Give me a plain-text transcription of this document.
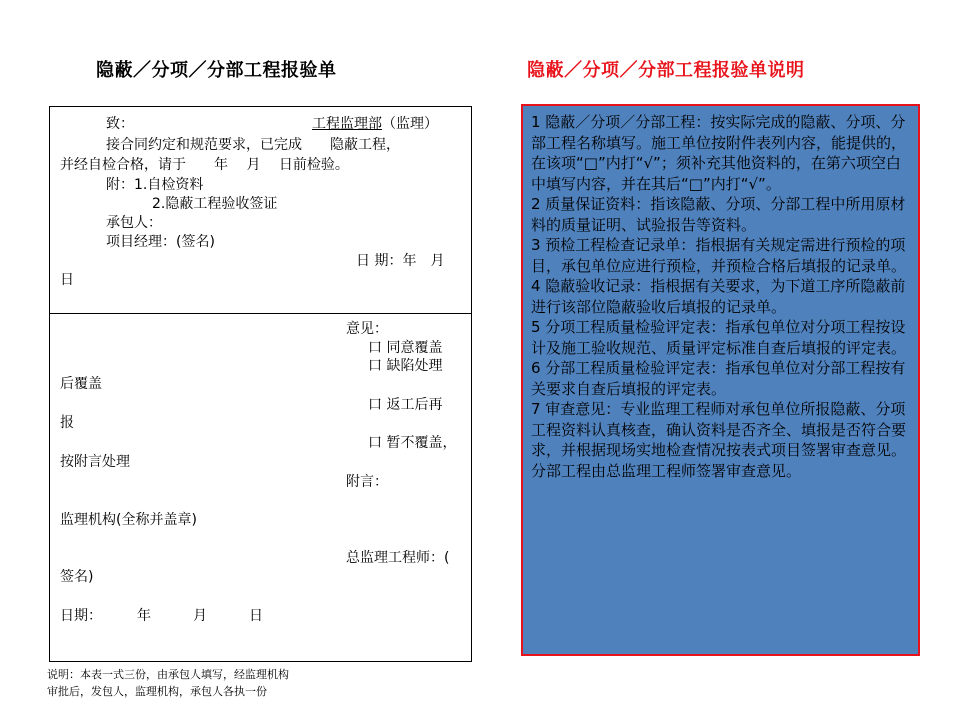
隐蔽／分项／分部工程报验单	隐蔽／分项／分部工程报验单说明
致：	工程监理部（监理）
接合同约定和规范要求，已完成　　隐蔽工程，
并经自检合格，请于　　年　 月　 日前检验。
附：1.自检资料
2.隐蔽工程验收签证
承包人：
项目经理：(签名)
日 期：年　月
日
意见：
口 同意覆盖
口 缺陷处理
后覆盖
口 返工后再
报
口 暂不覆盖，
按附言处理
附言：
监理机构(全称并盖章)
总监理工程师：(
签名)
日期：　　　年　　　月　　　日
说明：本表一式三份，由承包人填写，经监理机构
审批后，发包人，监理机构，承包人各执一份

1 隐蔽／分项／分部工程：按实际完成的隐蔽、分项、分部工程名称填写。施工单位按附件表列内容，能提供的，在该项“□”内打“√”；须补充其他资料的，在第六项空白中填写内容，并在其后“□”内打“√”。

2 质量保证资料：指该隐蔽、分项、分部工程中所用原材料的质量证明、试验报告等资料。

3 预检工程检查记录单：指根据有关规定需进行预检的项目，承包单位应进行预检，并预检合格后填报的记录单。

4 隐蔽验收记录：指根据有关要求，为下道工序所隐蔽前进行该部位隐蔽验收后填报的记录单。

5 分项工程质量检验评定表：指承包单位对分项工程按设计及施工验收规范、质量评定标准自查后填报的评定表。

6 分部工程质量检验评定表：指承包单位对分部工程按有关要求自查后填报的评定表。

7 审查意见：专业监理工程师对承包单位所报隐蔽、分项工程资料认真核查，确认资料是否齐全、填报是否符合要求，并根据现场实地检查情况按表式项目签署审查意见。分部工程由总监理工程师签署审查意见。
